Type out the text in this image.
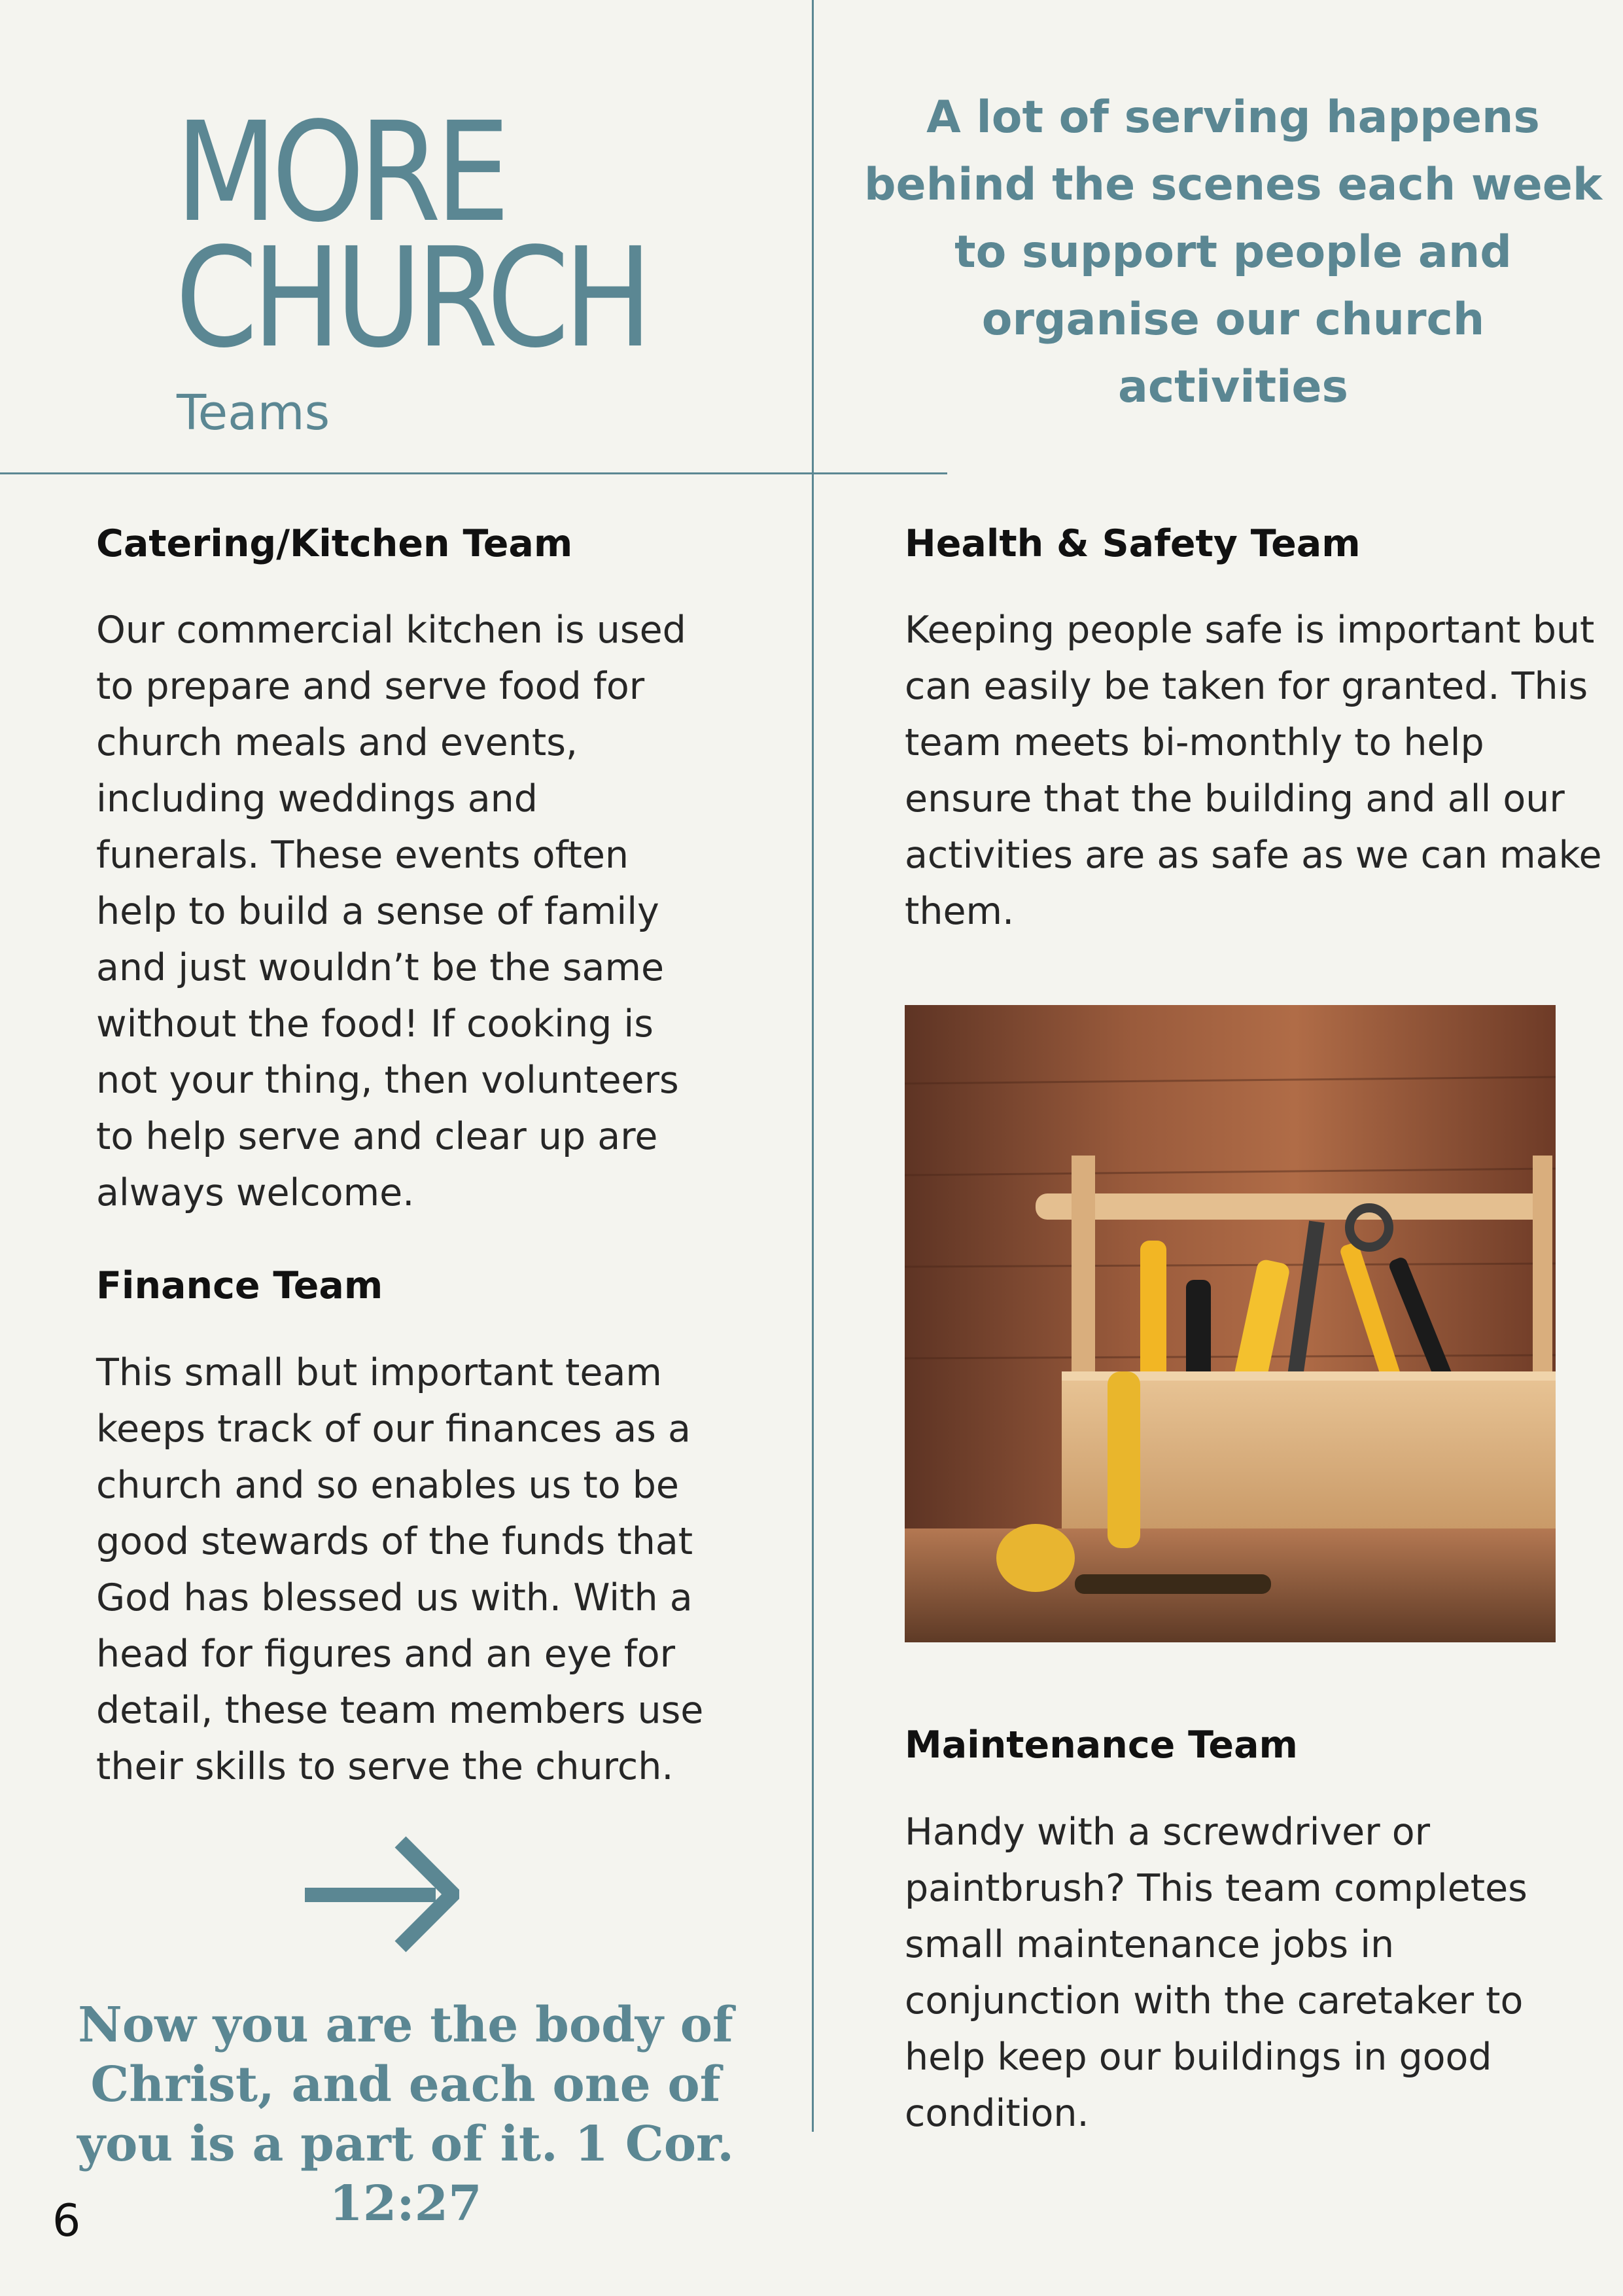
MORE
CHURCH
Teams
A lot of serving happens behind the scenes each week to support people and organise our church activities
Catering/Kitchen Team

Our commercial kitchen is used
to prepare and serve food for
church meals and events,
including weddings and
funerals. These events often
help to build a sense of family
and just wouldn’t be the same
without the food! If cooking is
not your thing, then volunteers
to help serve and clear up are
always welcome.

Finance Team

This small but important team
keeps track of our finances as a
church and so enables us to be
good stewards of the funds that
God has blessed us with. With a
head for figures and an eye for
detail, these team members use
their skills to serve the church.

Health & Safety Team

Keeping people safe is important but
can easily be taken for granted. This
team meets bi-monthly to help
ensure that the building and all our
activities are as safe as we can make
them.

Maintenance Team

Handy with a screwdriver or
paintbrush? This team completes
small maintenance jobs in
conjunction with the caretaker to
help keep our buildings in good
condition.

Now you are the body of Christ, and each one of you is a part of it. 1 Cor. 12:27
6
